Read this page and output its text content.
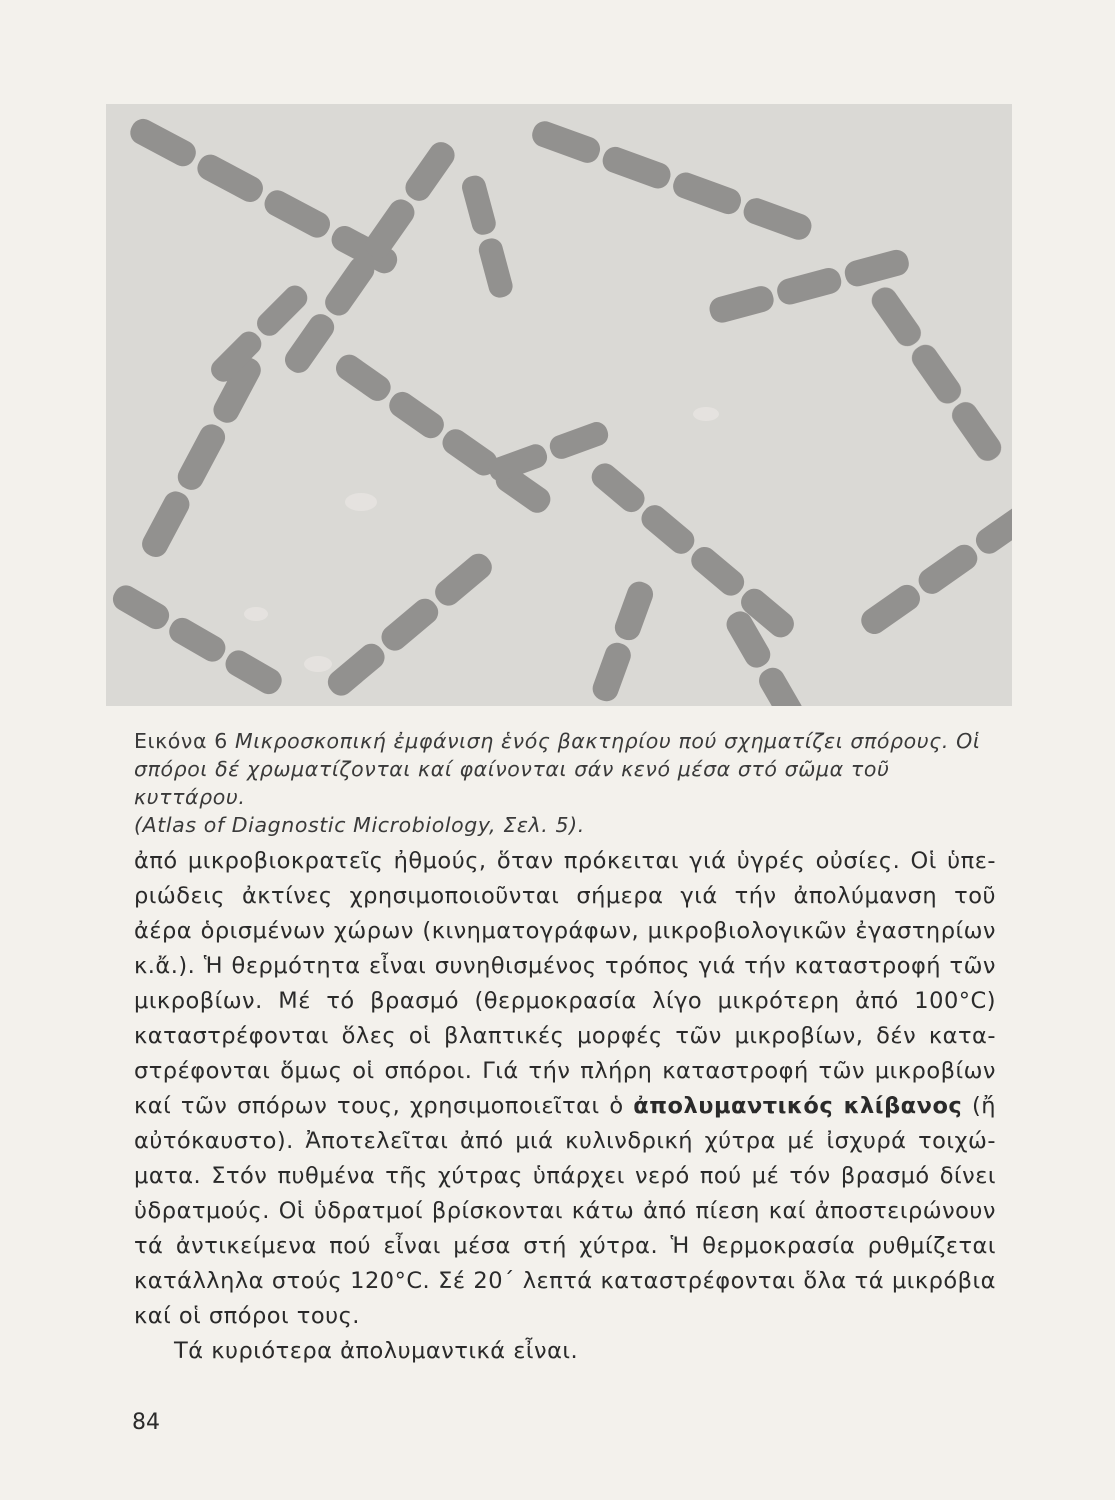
Εικόνα 6 Μικροσκοπική ἐμφάνιση ἑνός βακτηρίου πού σχηματίζει σπόρους. Οἱ
σπόροι δέ χρωματίζονται καί φαίνονται σάν κενό μέσα στό σῶμα τοῦ κυττάρου.
(Atlas of Diagnostic Microbiology, Σελ. 5).
ἀπό μικροβιοκρατεῖς ἠθμούς, ὅταν πρόκειται γιά ὑγρές οὐσίες. Οἱ ὑπε-
ριώδεις ἀκτίνες χρησιμοποιοῦνται σήμερα γιά τήν ἀπολύμανση τοῦ
ἀέρα ὁρισμένων χώρων (κινηματογράφων, μικροβιολογικῶν ἐγαστηρίων
κ.ἄ.). Ἡ θερμότητα εἶναι συνηθισμένος τρόπος γιά τήν καταστροφή τῶν
μικροβίων. Μέ τό βρασμό (θερμοκρασία λίγο μικρότερη ἀπό 100°C)
καταστρέφονται ὅλες οἱ βλαπτικές μορφές τῶν μικροβίων, δέν κατα-
στρέφονται ὅμως οἱ σπόροι. Γιά τήν πλήρη καταστροφή τῶν μικροβίων
καί τῶν σπόρων τους, χρησιμοποιεῖται ὁ ἀπολυμαντικός κλίβανος (ἤ
αὐτόκαυστο). Ἀποτελεῖται ἀπό μιά κυλινδρική χύτρα μέ ἰσχυρά τοιχώ-
ματα. Στόν πυθμένα τῆς χύτρας ὑπάρχει νερό πού μέ τόν βρασμό δίνει
ὑδρατμούς. Οἱ ὑδρατμοί βρίσκονται κάτω ἀπό πίεση καί ἀποστειρώνουν
τά ἀντικείμενα πού εἶναι μέσα στή χύτρα. Ἡ θερμοκρασία ρυθμίζεται
κατάλληλα στούς 120°C. Σέ 20΄ λεπτά καταστρέφονται ὅλα τά μικρόβια
καί οἱ σπόροι τους.
Τά κυριότερα ἀπολυμαντικά εἶναι.
84
